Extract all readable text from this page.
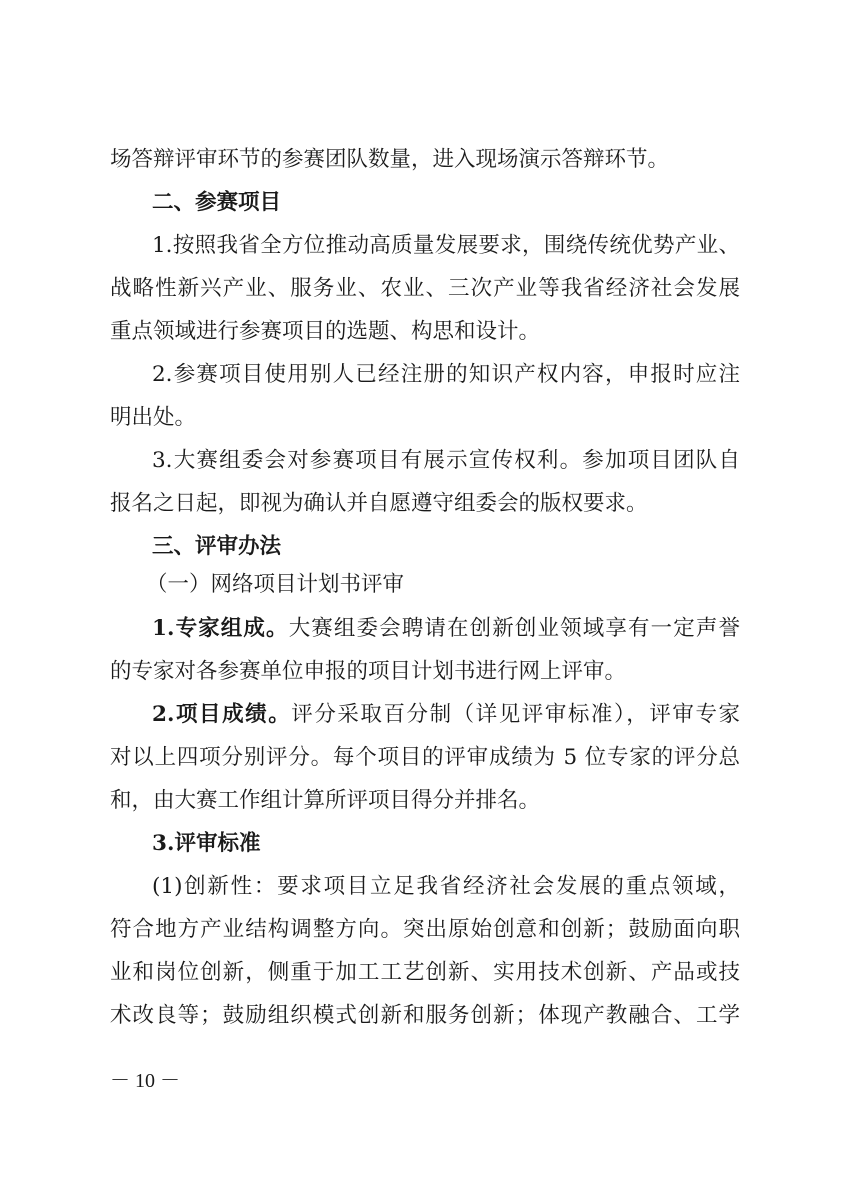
场答辩评审环节的参赛团队数量，进入现场演示答辩环节。
二、参赛项目
1.按照我省全方位推动高质量发展要求，围绕传统优势产业、
战略性新兴产业、服务业、农业、三次产业等我省经济社会发展
重点领域进行参赛项目的选题、构思和设计。
2.参赛项目使用别人已经注册的知识产权内容，申报时应注
明出处。
3.大赛组委会对参赛项目有展示宣传权利。参加项目团队自
报名之日起，即视为确认并自愿遵守组委会的版权要求。
三、评审办法
（一）网络项目计划书评审
1.专家组成。大赛组委会聘请在创新创业领域享有一定声誉
的专家对各参赛单位申报的项目计划书进行网上评审。
2.项目成绩。评分采取百分制（详见评审标准），评审专家
对以上四项分别评分。每个项目的评审成绩为 5 位专家的评分总
和，由大赛工作组计算所评项目得分并排名。
3.评审标准
(1)创新性：要求项目立足我省经济社会发展的重点领域，
符合地方产业结构调整方向。突出原始创意和创新；鼓励面向职
业和岗位创新，侧重于加工工艺创新、实用技术创新、产品或技
术改良等；鼓励组织模式创新和服务创新；体现产教融合、工学
－ 10 －
